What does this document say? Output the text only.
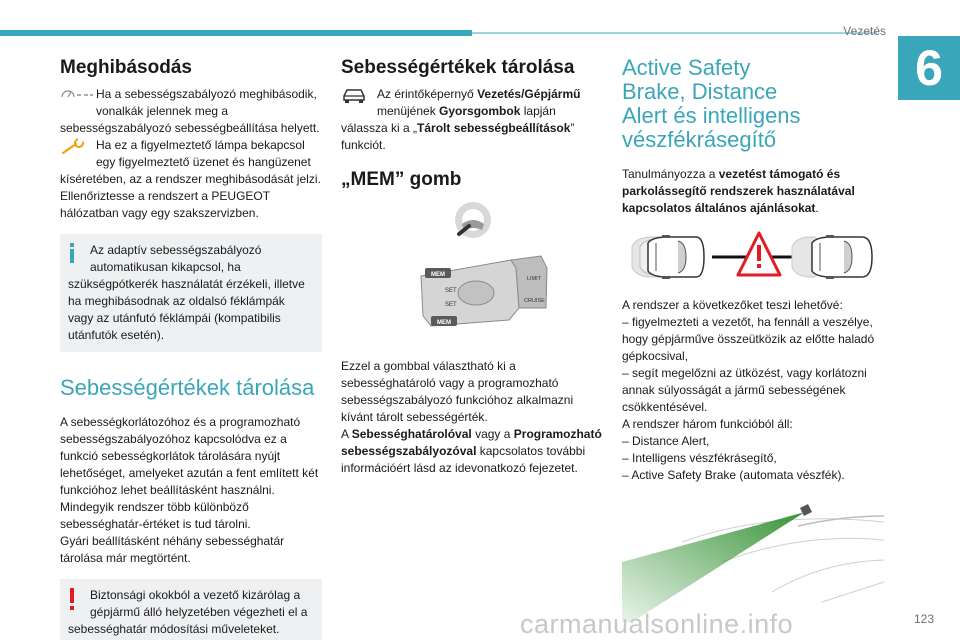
Vezetés
6
Meghibásodás
Ha a sebességszabályozó meghibásodik,
vonalkák jelennek meg a

sebességszabályozó sebességbeállítása helyett.

Ha ez a figyelmeztető lámpa bekapcsol
egy figyelmeztető üzenet és hangüzenet

kíséretében, az a rendszer meghibásodását jelzi. Ellenőriztesse a rendszert a PEUGEOT hálózatban vagy egy szakszervizben.

Az adaptív sebességszabályozó
automatikusan kikapcsol, ha
szükségpótkerék használatát érzékeli, illetve ha meghibásodnak az oldalsó féklámpák vagy az utánfutó féklámpái (kompatibilis utánfutók esetén).
Sebességértékek tárolása

A sebességkorlátozóhoz és a programozható sebességszabályozóhoz kapcsolódva ez a funkció sebességkorlátok tárolására nyújt lehetőséget, amelyeket azután a fent említett két funkcióhoz lehet beállításként használni.

Mindegyik rendszer több különböző sebességhatár-értéket is tud tárolni.

Gyári beállításként néhány sebességhatár tárolása már megtörtént.

Biztonsági okokból a vezető kizárólag a
gépjármű álló helyzetében végezheti el a
sebességhatár módosítási műveleteket.
Sebességértékek tárolása
Az érintőképernyő Vezetés/Gépjármű
menüjének Gyorsgombok lapján

válassza ki a „Tárolt sebességbeállítások”

funkciót.

„MEM” gomb
MEM
SET
SET
LIMIT
CRUISE
MEM

Ezzel a gombbal választható ki a sebességhatároló vagy a programozható sebességszabályozó funkcióhoz alkalmazni kívánt tárolt sebességérték.

A Sebességhatárolóval vagy a Programozható sebességszabályozóval kapcsolatos további információért lásd az idevonatkozó fejezetet.

Active Safety
Brake, Distance
Alert és intelligens
vészfékrásegítő

Tanulmányozza a vezetést támogató és parkolássegítő rendszerek használatával kapcsolatos általános ajánlásokat.

A rendszer a következőket teszi lehetővé:

– figyelmezteti a vezetőt, ha fennáll a veszélye, hogy gépjárműve összeütközik az előtte haladó gépkocsival,

– segít megelőzni az ütközést, vagy korlátozni annak súlyosságát a jármű sebességének csökkentésével.

A rendszer három funkcióból áll:

– Distance Alert,

– Intelligens vészfékrásegítő,

– Active Safety Brake (automata vészfék).

123
carmanualsonline.info
